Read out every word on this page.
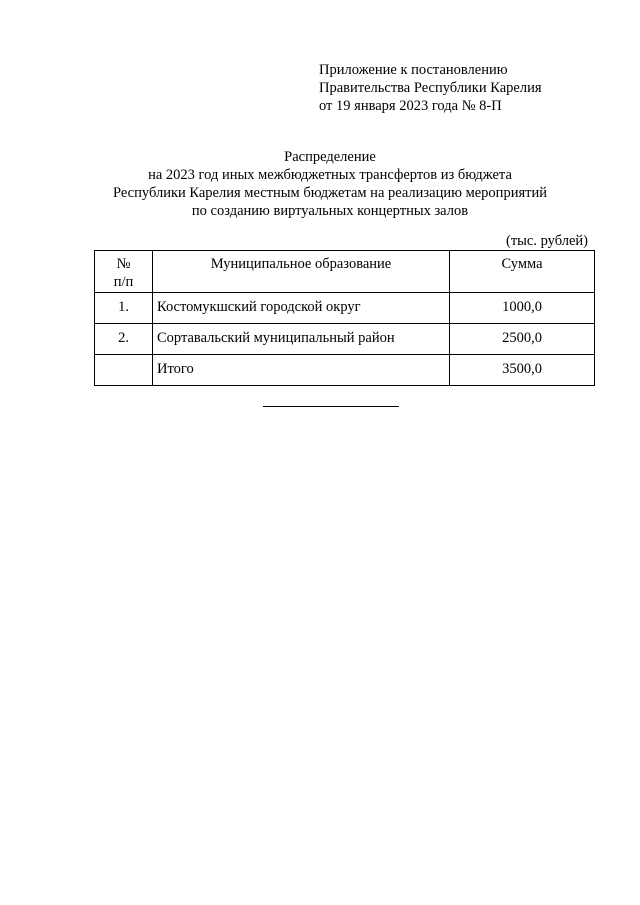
Приложение к постановлению
Правительства Республики Карелия
от 19 января 2023 года № 8-П
Распределение
на 2023 год иных межбюджетных трансфертов из бюджета
Республики Карелия местным бюджетам на реализацию мероприятий
по созданию виртуальных концертных залов
(тыс. рублей)
№
п/п	Муниципальное образование	Сумма
1.	Костомукшский городской округ	1000,0
2.	Сортавальский муниципальный район	2500,0
	Итого	3500,0
